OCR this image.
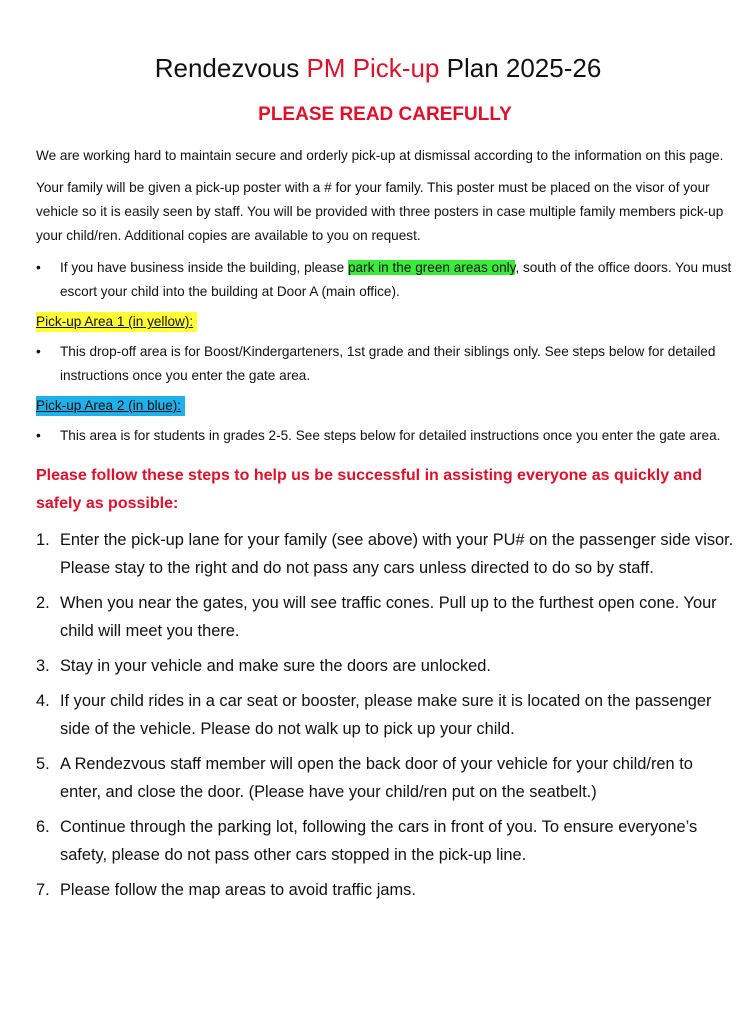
Rendezvous PM Pick-up Plan 2025-26
PLEASE READ CAREFULLY

We are working hard to maintain secure and orderly pick-up at dismissal according to the information on this page.

Your family will be given a pick-up poster with a # for your family. This poster must be placed on the visor of your vehicle so it is easily seen by staff. You will be provided with three posters in case multiple family members pick-up your child/ren. Additional copies are available to you on request.

• If you have business inside the building, please park in the green areas only, south of the office doors. You must escort your child into the building at Door A (main office).
Pick-up Area 1 (in yellow):
• This drop-off area is for Boost/Kindergarteners, 1st grade and their siblings only. See steps below for detailed instructions once you enter the gate area.
Pick-up Area 2 (in blue):
• This area is for students in grades 2-5. See steps below for detailed instructions once you enter the gate area.
Please follow these steps to help us be successful in assisting everyone as quickly and safely as possible:
1. Enter the pick-up lane for your family (see above) with your PU# on the passenger side visor. Please stay to the right and do not pass any cars unless directed to do so by staff.
2. When you near the gates, you will see traffic cones. Pull up to the furthest open cone. Your child will meet you there.
3. Stay in your vehicle and make sure the doors are unlocked.
4. If your child rides in a car seat or booster, please make sure it is located on the passenger side of the vehicle. Please do not walk up to pick up your child.
5. A Rendezvous staff member will open the back door of your vehicle for your child/ren to enter, and close the door. (Please have your child/ren put on the seatbelt.)
6. Continue through the parking lot, following the cars in front of you. To ensure everyone’s safety, please do not pass other cars stopped in the pick-up line.
7. Please follow the map areas to avoid traffic jams.
